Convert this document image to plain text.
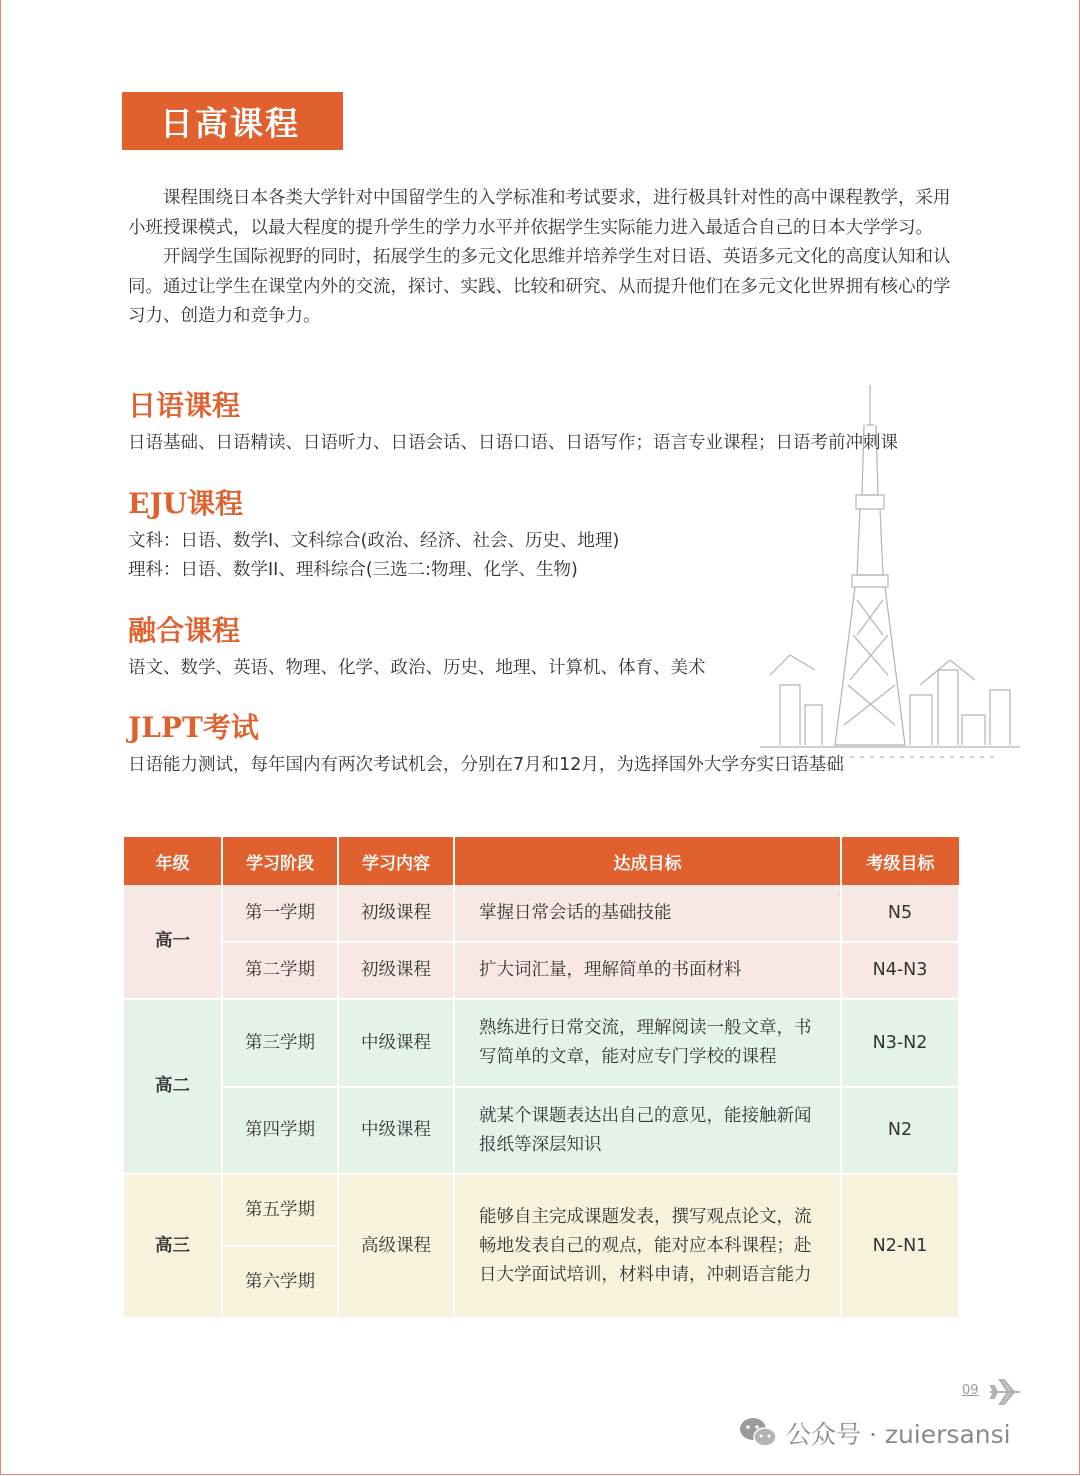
日高课程

课程围绕日本各类大学针对中国留学生的入学标准和考试要求，进行极具针对性的高中课程教学，采用小班授课模式，以最大程度的提升学生的学力水平并依据学生实际能力进入最适合自己的日本大学学习。

开阔学生国际视野的同时，拓展学生的多元文化思维并培养学生对日语、英语多元文化的高度认知和认同。通过让学生在课堂内外的交流，探讨、实践、比较和研究、从而提升他们在多元文化世界拥有核心的学习力、创造力和竞争力。

日语课程
日语基础、日语精读、日语听力、日语会话、日语口语、日语写作；语言专业课程；日语考前冲刺课
EJU课程
文科：日语、数学I、文科综合(政治、经济、社会、历史、地理)
理科：日语、数学II、理科综合(三选二:物理、化学、生物)
融合课程
语文、数学、英语、物理、化学、政治、历史、地理、计算机、体育、美术
JLPT考试
日语能力测试，每年国内有两次考试机会，分别在7月和12月，为选择国外大学夯实日语基础
年级	学习阶段	学习内容	达成目标	考级目标
高一	第一学期	初级课程	掌握日常会话的基础技能	N5
	第二学期	初级课程	扩大词汇量，理解简单的书面材料	N4-N3
高二	第三学期	中级课程	熟练进行日常交流，理解阅读一般文章，书写简单的文章，能对应专门学校的课程	N3-N2
	第四学期	中级课程	就某个课题表达出自己的意见，能接触新闻报纸等深层知识	N2
高三	第五学期	高级课程	能够自主完成课题发表，撰写观点论文，流畅地发表自己的观点，能对应本科课程；赴日大学面试培训，材料申请，冲刺语言能力	N2-N1
	第六学期			
09
公众号 · zuiersansi
